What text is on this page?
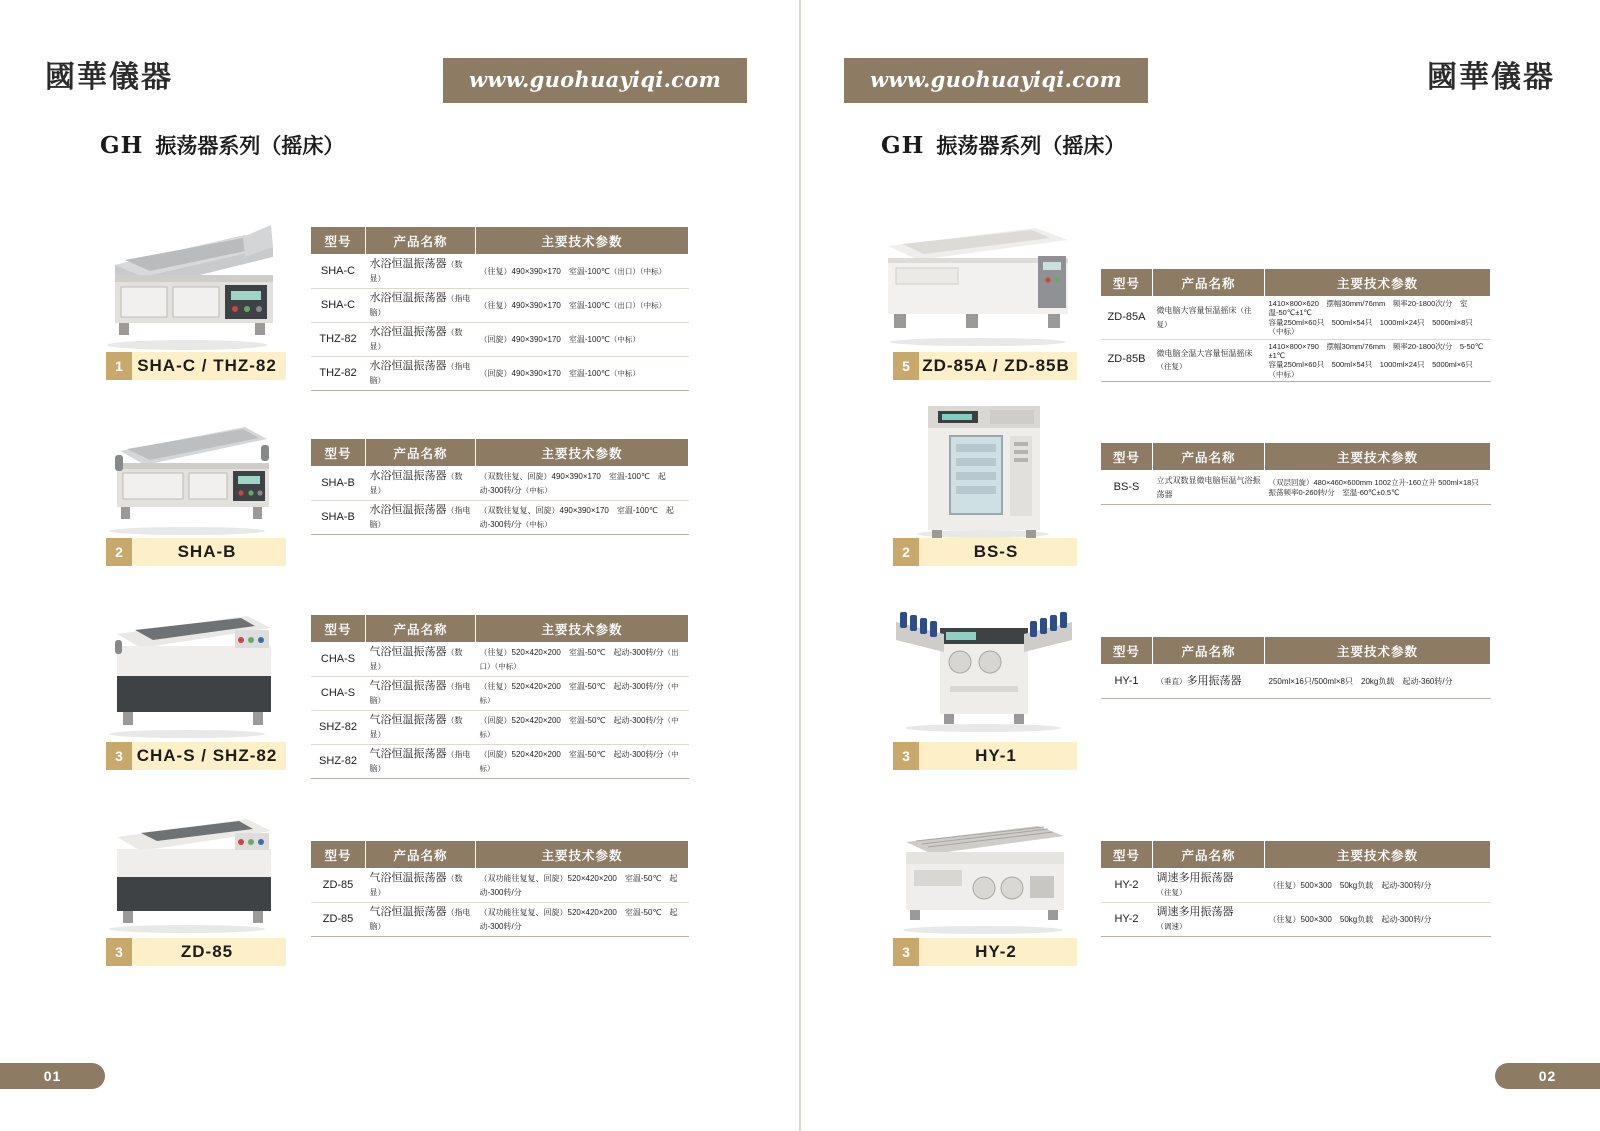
國華儀器	www.guohuayiqi.com
GH 振荡器系列（摇床）
1 SHA-C / THZ-82
型号	产品名称	主要技术参数
SHA-C	水浴恒温振荡器（数显）	（往复）490×390×170　室温-100℃（出口）（中标）
SHA-C	水浴恒温振荡器（指电脑）	（往复）490×390×170　室温-100℃（出口）（中标）
THZ-82	水浴恒温振荡器（数显）	（回旋）490×390×170　室温-100℃（中标）
THZ-82	水浴恒温振荡器（指电脑）	（回旋）490×390×170　室温-100℃（中标）
2	SHA-B
型号	产品名称	主要技术参数
SHA-B	水浴恒温振荡器（数显）	（双数往复、回旋）490×390×170　室温-100℃　起动-300转/分（中标）
SHA-B	水浴恒温振荡器（指电脑）	（双数往复复、回旋）490×390×170　室温-100℃　起动-300转/分（中标）
3 CHA-S / SHZ-82
型号	产品名称	主要技术参数
CHA-S	气浴恒温振荡器（数显）	（往复）520×420×200　室温-50℃　起动-300转/分（出口）（中标）
CHA-S	气浴恒温振荡器（指电脑）	（往复）520×420×200　室温-50℃　起动-300转/分（中标）
SHZ-82	气浴恒温振荡器（数显）	（回旋）520×420×200　室温-50℃　起动-300转/分（中标）
SHZ-82	气浴恒温振荡器（指电脑）	（回旋）520×420×200　室温-50℃　起动-300转/分（中标）
3	ZD-85
型号	产品名称	主要技术参数
ZD-85	气浴恒温振荡器（数显）	（双功能往复复、回旋）520×420×200　室温-50℃　起动-300转/分
ZD-85	气浴恒温振荡器（指电脑）	（双功能往复复、回旋）520×420×200　室温-50℃　起动-300转/分
01
國華儀器
www.guohuayiqi.com
GH 振荡器系列（摇床）
5 ZD-85A / ZD-85B
型号	产品名称	主要技术参数
ZD-85A	微电脑大容量恒温摇床（往复）	1410×800×620　摆幅30mm/76mm　频率20-1800次/分　室温-50℃±1℃
容量250ml×60只　500ml×54只　1000ml×24只　5000ml×8只　（中标）

ZD-85B	微电脑全温大容量恒温摇床（往复）	1410×800×790　摆幅30mm/76mm　频率20-1800次/分　5-50℃±1℃
容量250ml×60只　500ml×54只　1000ml×24只　5000ml×6只　（中标）
2	BS-S
型号	产品名称	主要技术参数
BS-S	立式双数显微电脑恒温气浴振荡器	（双层回旋）480×460×600mm 1002立升-160立升 500ml×18只
振荡频率0-260转/分　室温-60℃±0.5℃
3	HY-1
型号	产品名称	主要技术参数
HY-1	（垂直）多用振荡器	250ml×16只/500ml×8只　20kg负载　起动-360转/分
3	HY-2
型号	产品名称	主要技术参数
HY-2	调速多用振荡器（往复）	（往复）500×300　50kg负载　起动-300转/分
HY-2	调速多用振荡器（调速）	（往复）500×300　50kg负载　起动-300转/分
02
